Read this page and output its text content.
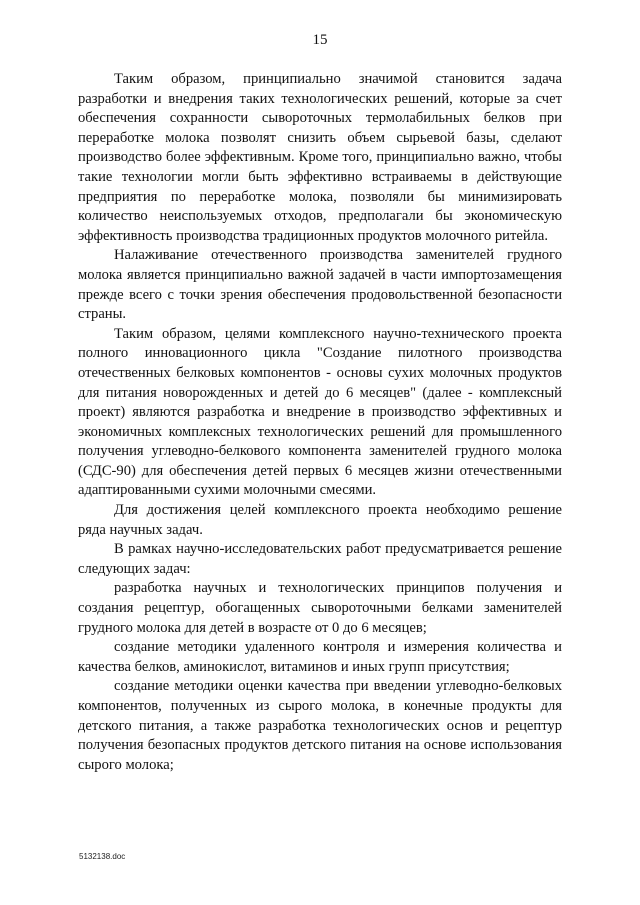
15

Таким образом, принципиально значимой становится задача разработки и внедрения таких технологических решений, которые за счет обеспечения сохранности сывороточных термолабильных белков при переработке молока позволят снизить объем сырьевой базы, сделают производство более эффективным. Кроме того, принципиально важно, чтобы такие технологии могли быть эффективно встраиваемы в действующие предприятия по переработке молока, позволяли бы минимизировать количество неиспользуемых отходов, предполагали бы экономическую эффективность производства традиционных продуктов молочного ритейла.

Налаживание отечественного производства заменителей грудного молока является принципиально важной задачей в части импортозамещения прежде всего с точки зрения обеспечения продовольственной безопасности страны.

Таким образом, целями комплексного научно-технического проекта полного инновационного цикла "Создание пилотного производства отечественных белковых компонентов - основы сухих молочных продуктов для питания новорожденных и детей до 6 месяцев" (далее - комплексный проект) являются разработка и внедрение в производство эффективных и экономичных комплексных технологических решений для промышленного получения углеводно-белкового компонента заменителей грудного молока (СДС-90) для обеспечения детей первых 6 месяцев жизни отечественными адаптированными сухими молочными смесями.

Для достижения целей комплексного проекта необходимо решение ряда научных задач.

В рамках научно-исследовательских работ предусматривается решение следующих задач:

разработка научных и технологических принципов получения и создания рецептур, обогащенных сывороточными белками заменителей грудного молока для детей в возрасте от 0 до 6 месяцев;

создание методики удаленного контроля и измерения количества и качества белков, аминокислот, витаминов и иных групп присутствия;

создание методики оценки качества при введении углеводно-белковых компонентов, полученных из сырого молока, в конечные продукты для детского питания, а также разработка технологических основ и рецептур получения безопасных продуктов детского питания на основе использования сырого молока;

5132138.doc
